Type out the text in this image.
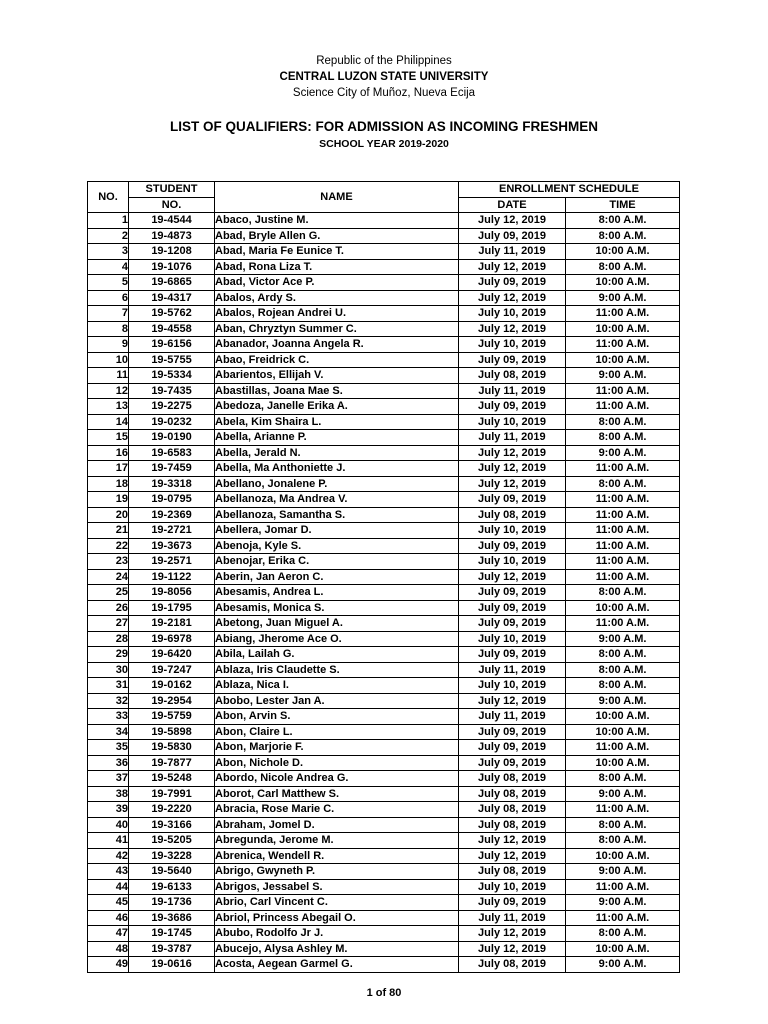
Republic of the Philippines
CENTRAL LUZON STATE UNIVERSITY
Science City of Muñoz, Nueva Ecija
LIST OF QUALIFIERS: FOR ADMISSION AS INCOMING FRESHMEN
SCHOOL YEAR 2019-2020
NO.	STUDENT	NAME	ENROLLMENT SCHEDULE	
	NO.		DATE	TIME
1	19-4544	Abaco, Justine M.	July 12, 2019	8:00 A.M.
2	19-4873	Abad, Bryle Allen G.	July 09, 2019	8:00 A.M.
3	19-1208	Abad, Maria Fe Eunice T.	July 11, 2019	10:00 A.M.
4	19-1076	Abad, Rona Liza T.	July 12, 2019	8:00 A.M.
5	19-6865	Abad, Victor Ace P.	July 09, 2019	10:00 A.M.
6	19-4317	Abalos, Ardy S.	July 12, 2019	9:00 A.M.
7	19-5762	Abalos, Rojean Andrei U.	July 10, 2019	11:00 A.M.
8	19-4558	Aban, Chryztyn Summer C.	July 12, 2019	10:00 A.M.
9	19-6156	Abanador, Joanna Angela R.	July 10, 2019	11:00 A.M.
10	19-5755	Abao, Freidrick C.	July 09, 2019	10:00 A.M.
11	19-5334	Abarientos, Ellijah V.	July 08, 2019	9:00 A.M.
12	19-7435	Abastillas, Joana Mae S.	July 11, 2019	11:00 A.M.
13	19-2275	Abedoza, Janelle Erika A.	July 09, 2019	11:00 A.M.
14	19-0232	Abela, Kim Shaira L.	July 10, 2019	8:00 A.M.
15	19-0190	Abella, Arianne P.	July 11, 2019	8:00 A.M.
16	19-6583	Abella, Jerald N.	July 12, 2019	9:00 A.M.
17	19-7459	Abella, Ma Anthoniette J.	July 12, 2019	11:00 A.M.
18	19-3318	Abellano, Jonalene P.	July 12, 2019	8:00 A.M.
19	19-0795	Abellanoza, Ma Andrea V.	July 09, 2019	11:00 A.M.
20	19-2369	Abellanoza, Samantha S.	July 08, 2019	11:00 A.M.
21	19-2721	Abellera, Jomar D.	July 10, 2019	11:00 A.M.
22	19-3673	Abenoja, Kyle S.	July 09, 2019	11:00 A.M.
23	19-2571	Abenojar, Erika C.	July 10, 2019	11:00 A.M.
24	19-1122	Aberin, Jan Aeron C.	July 12, 2019	11:00 A.M.
25	19-8056	Abesamis, Andrea L.	July 09, 2019	8:00 A.M.
26	19-1795	Abesamis, Monica S.	July 09, 2019	10:00 A.M.
27	19-2181	Abetong, Juan Miguel A.	July 09, 2019	11:00 A.M.
28	19-6978	Abiang, Jherome Ace O.	July 10, 2019	9:00 A.M.
29	19-6420	Abila, Lailah G.	July 09, 2019	8:00 A.M.
30	19-7247	Ablaza, Iris Claudette S.	July 11, 2019	8:00 A.M.
31	19-0162	Ablaza, Nica I.	July 10, 2019	8:00 A.M.
32	19-2954	Abobo, Lester Jan A.	July 12, 2019	9:00 A.M.
33	19-5759	Abon, Arvin S.	July 11, 2019	10:00 A.M.
34	19-5898	Abon, Claire L.	July 09, 2019	10:00 A.M.
35	19-5830	Abon, Marjorie F.	July 09, 2019	11:00 A.M.
36	19-7877	Abon, Nichole D.	July 09, 2019	10:00 A.M.
37	19-5248	Abordo, Nicole Andrea G.	July 08, 2019	8:00 A.M.
38	19-7991	Aborot, Carl Matthew S.	July 08, 2019	9:00 A.M.
39	19-2220	Abracia, Rose Marie C.	July 08, 2019	11:00 A.M.
40	19-3166	Abraham, Jomel D.	July 08, 2019	8:00 A.M.
41	19-5205	Abregunda, Jerome M.	July 12, 2019	8:00 A.M.
42	19-3228	Abrenica, Wendell R.	July 12, 2019	10:00 A.M.
43	19-5640	Abrigo, Gwyneth P.	July 08, 2019	9:00 A.M.
44	19-6133	Abrigos, Jessabel S.	July 10, 2019	11:00 A.M.
45	19-1736	Abrio, Carl Vincent C.	July 09, 2019	9:00 A.M.
46	19-3686	Abriol, Princess Abegail O.	July 11, 2019	11:00 A.M.
47	19-1745	Abubo, Rodolfo Jr J.	July 12, 2019	8:00 A.M.
48	19-3787	Abucejo, Alysa Ashley M.	July 12, 2019	10:00 A.M.
49	19-0616	Acosta, Aegean Garmel G.	July 08, 2019	9:00 A.M.
1 of 80
